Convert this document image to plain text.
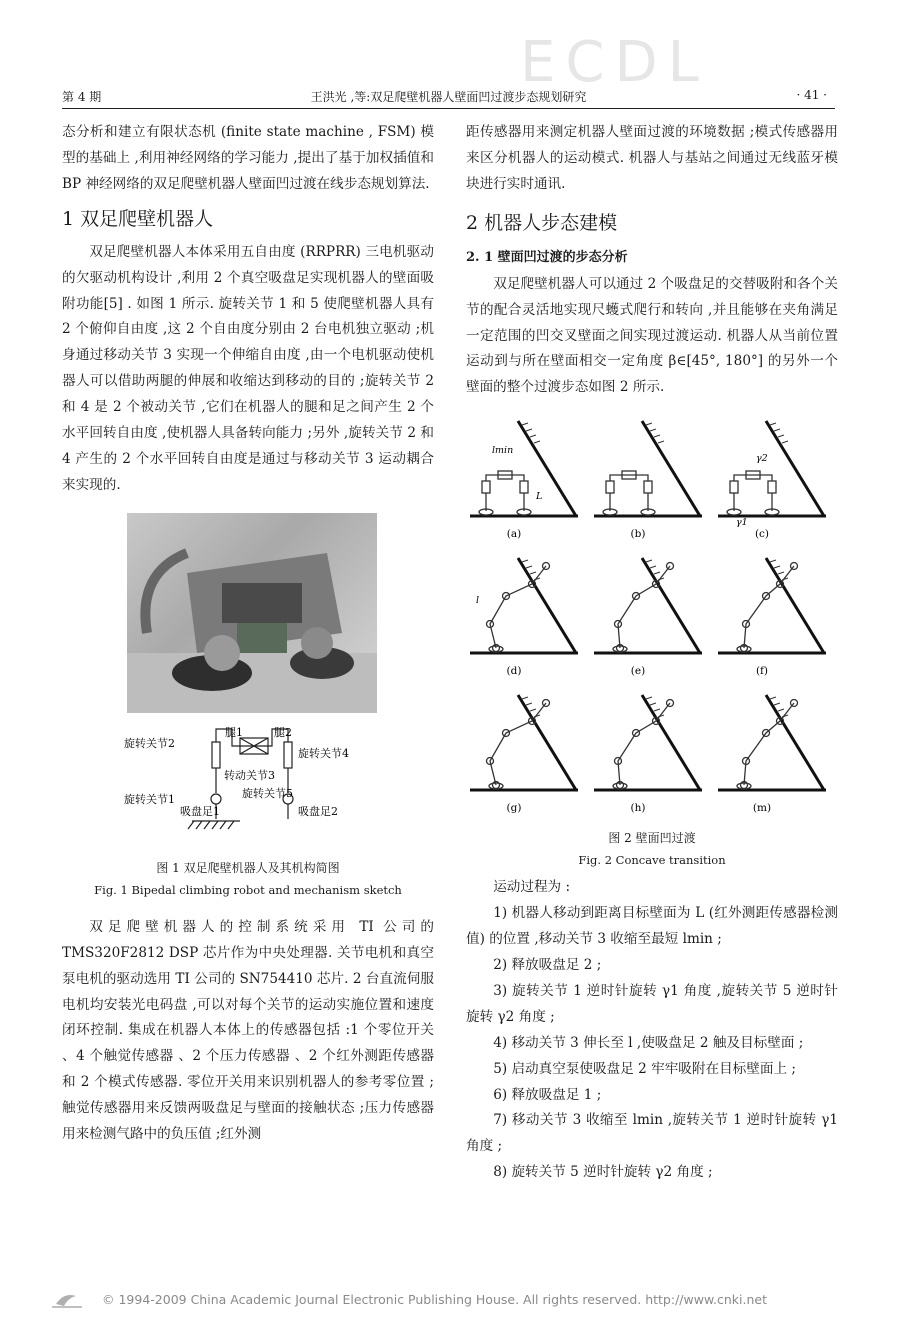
ECDL
第 4 期	王洪光 ,等:双足爬壁机器人壁面凹过渡步态规划研究	· 41 ·

态分析和建立有限状态机 (finite state machine , FSM) 模型的基础上 ,利用神经网络的学习能力 ,提出了基于加权插值和 BP 神经网络的双足爬壁机器人壁面凹过渡在线步态规划算法.

1 双足爬壁机器人

双足爬壁机器人本体采用五自由度 (RRPRR) 三电机驱动的欠驱动机构设计 ,利用 2 个真空吸盘足实现机器人的壁面吸附功能[5] . 如图 1 所示. 旋转关节 1 和 5 使爬壁机器人具有 2 个俯仰自由度 ,这 2 个自由度分别由 2 台电机独立驱动 ;机身通过移动关节 3 实现一个伸缩自由度 ,由一个电机驱动使机器人可以借助两腿的伸展和收缩达到移动的目的 ;旋转关节 2 和 4 是 2 个被动关节 ,它们在机器人的腿和足之间产生 2 个水平回转自由度 ,使机器人具备转向能力 ;另外 ,旋转关节 2 和 4 产生的 2 个水平回转自由度是通过与移动关节 3 运动耦合来实现的.

旋转关节2
腿1	腿2
旋转关节4
转动关节3
旋转关节1	旋转关节5
吸盘足1	吸盘足2
图 1 双足爬壁机器人及其机构简图
Fig. 1 Bipedal climbing robot and mechanism sketch

双足爬壁机器人的控制系统采用 TI 公司的 TMS320F2812 DSP 芯片作为中央处理器. 关节电机和真空泵电机的驱动选用 TI 公司的 SN754410 芯片. 2 台直流伺服电机均安装光电码盘 ,可以对每个关节的运动实施位置和速度闭环控制. 集成在机器人本体上的传感器包括 :1 个零位开关 、4 个触觉传感器 、2 个压力传感器 、2 个红外测距传感器和 2 个模式传感器. 零位开关用来识别机器人的参考零位置 ;触觉传感器用来反馈两吸盘足与壁面的接触状态 ;压力传感器用来检测气路中的负压值 ;红外测

距传感器用来测定机器人壁面过渡的环境数据 ;模式传感器用来区分机器人的运动模式. 机器人与基站之间通过无线蓝牙模块进行实时通讯.

2 机器人步态建模
2. 1 壁面凹过渡的步态分析

双足爬壁机器人可以通过 2 个吸盘足的交替吸附和各个关节的配合灵活地实现尺蠖式爬行和转向 ,并且能够在夹角满足一定范围的凹交叉壁面之间实现过渡运动. 机器人从当前位置运动到与所在壁面相交一定角度 β∈[45°, 180°] 的另外一个壁面的整个过渡步态如图 2 所示.

(a)	(b)	(c)
(d)	(e)	(f)
(g)	(h)	(m)
lmin
L
γ2
γ1
l
图 2 壁面凹过渡
Fig. 2 Concave transition

运动过程为 :

1) 机器人移动到距离目标壁面为 L (红外测距传感器检测值) 的位置 ,移动关节 3 收缩至最短 lmin ;

2) 释放吸盘足 2 ;

3) 旋转关节 1 逆时针旋转 γ1 角度 ,旋转关节 5 逆时针旋转 γ2 角度 ;

4) 移动关节 3 伸长至 l ,使吸盘足 2 触及目标壁面 ;

5) 启动真空泵使吸盘足 2 牢牢吸附在目标壁面上 ;

6) 释放吸盘足 1 ;

7) 移动关节 3 收缩至 lmin ,旋转关节 1 逆时针旋转 γ1 角度 ;

8) 旋转关节 5 逆时针旋转 γ2 角度 ;

© 1994-2009 China Academic Journal Electronic Publishing House. All rights reserved. http://www.cnki.net
